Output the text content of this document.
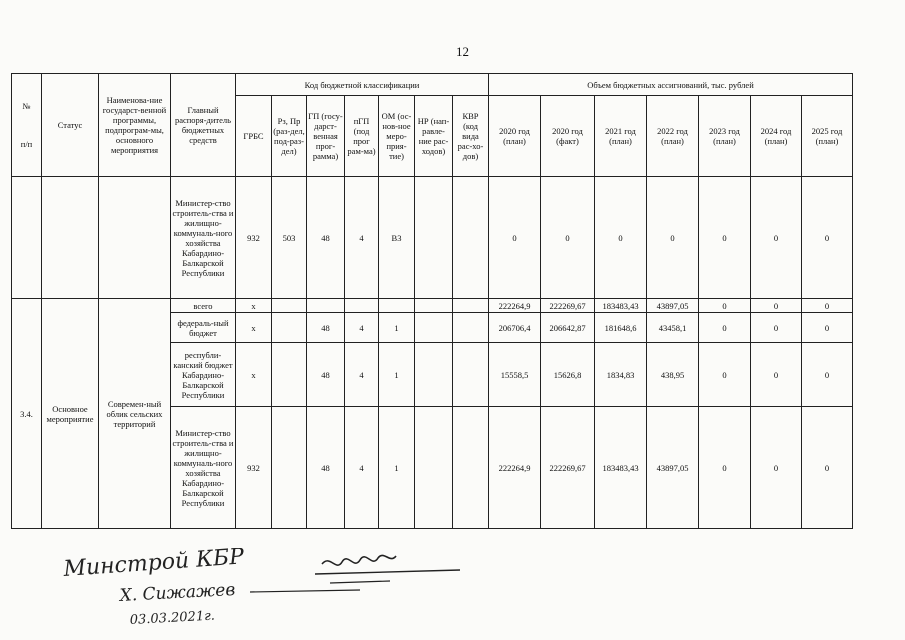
12
№
п/п	Статус	Наименова-ние государст-венной программы, подпрограм-мы, основного мероприятия	Главный распоря-дитель бюджетных средств	Код бюджетной классификации							Объем бюджетных ассигнований, тыс. рублей						
				ГРБС	Рз, Пр (раз-дел, под-раз-дел)	ГП (госу-дарст-венная прог-рамма)	пГП (под прог рам-ма)	ОМ (ос-нов-ное меро-прия-тие)	НР (нап-равле-ние рас-ходов)	КВР (код вида рас-хо-дов)	2020 год (план)	2020 год (факт)	2021 год (план)	2022 год (план)	2023 год (план)	2024 год (план)	2025 год (план)
			Министер-ство строитель-ства и жилищно-коммуналь-ного хозяйства Кабардино-Балкарской Республики	932	503	48	4	В3			0	0	0	0	0	0	0
3.4.	Основное мероприятие	Современ-ный облик сельских территорий	всего	х							222264,9	222269,67	183483,43	43897,05	0	0	0
			федераль-ный бюджет	х		48	4	1			206706,4	206642,87	181648,6	43458,1	0	0	0
			республи-канский бюджет Кабардино-Балкарской Республики	х		48	4	1			15558,5	15626,8	1834,83	438,95	0	0	0
			Министер-ство строитель-ства и жилищно-коммуналь-ного хозяйства Кабардино-Балкарской Республики	932		48	4	1			222264,9	222269,67	183483,43	43897,05	0	0	0
Минстрой КБР
Х. Сижажев
03.03.2021г.
